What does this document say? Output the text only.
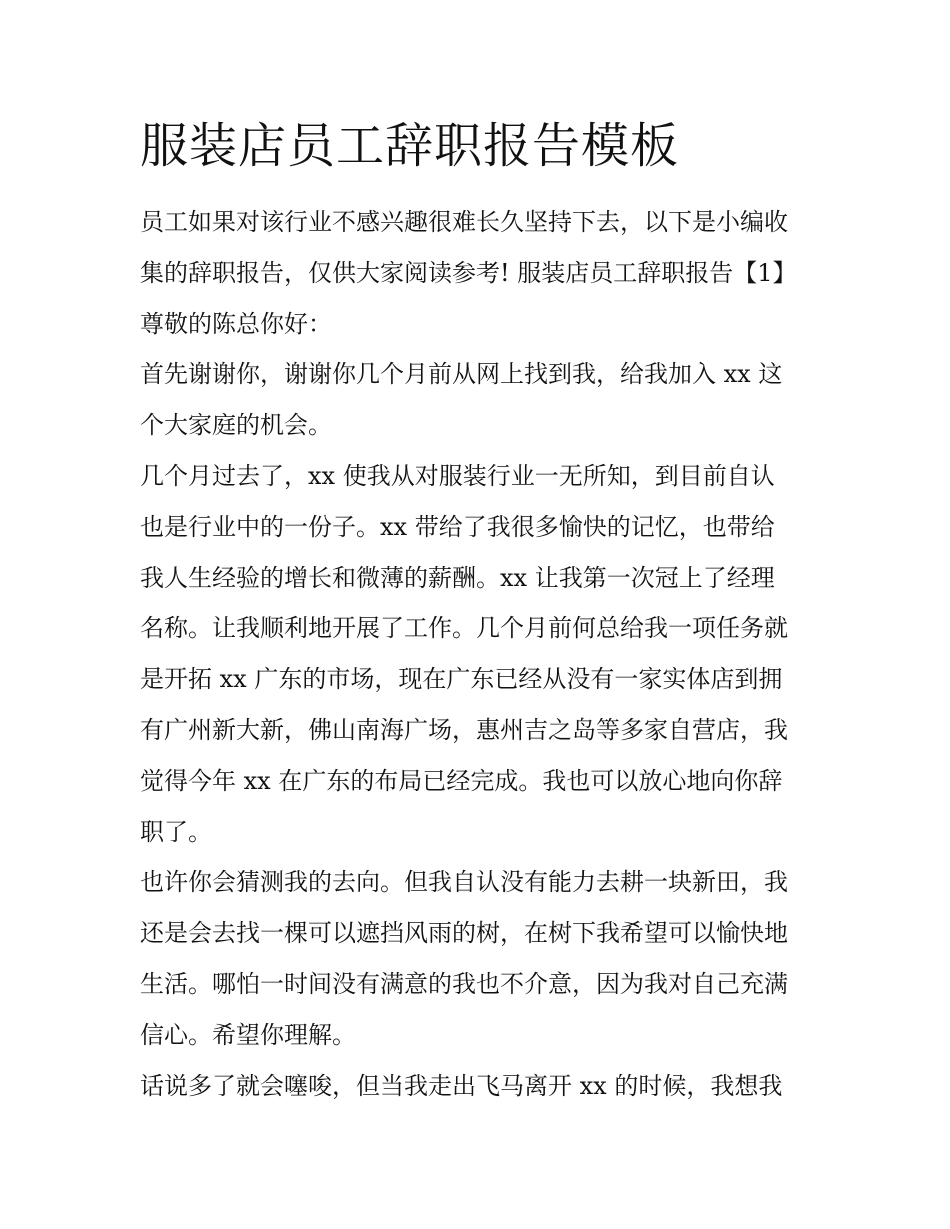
服装店员工辞职报告模板
员工如果对该行业不感兴趣很难长久坚持下去，以下是小编收
集的辞职报告，仅供大家阅读参考! 服装店员工辞职报告【1】
尊敬的陈总你好：
首先谢谢你，谢谢你几个月前从网上找到我，给我加入 xx 这
个大家庭的机会。
几个月过去了，xx 使我从对服装行业一无所知，到目前自认
也是行业中的一份子。xx 带给了我很多愉快的记忆，也带给
我人生经验的增长和微薄的薪酬。xx 让我第一次冠上了经理
名称。让我顺利地开展了工作。几个月前何总给我一项任务就
是开拓 xx 广东的市场，现在广东已经从没有一家实体店到拥
有广州新大新，佛山南海广场，惠州吉之岛等多家自营店，我
觉得今年 xx 在广东的布局已经完成。我也可以放心地向你辞
职了。
也许你会猜测我的去向。但我自认没有能力去耕一块新田，我
还是会去找一棵可以遮挡风雨的树，在树下我希望可以愉快地
生活。哪怕一时间没有满意的我也不介意，因为我对自己充满
信心。希望你理解。
话说多了就会噻唆，但当我走出飞马离开 xx 的时候，我想我
